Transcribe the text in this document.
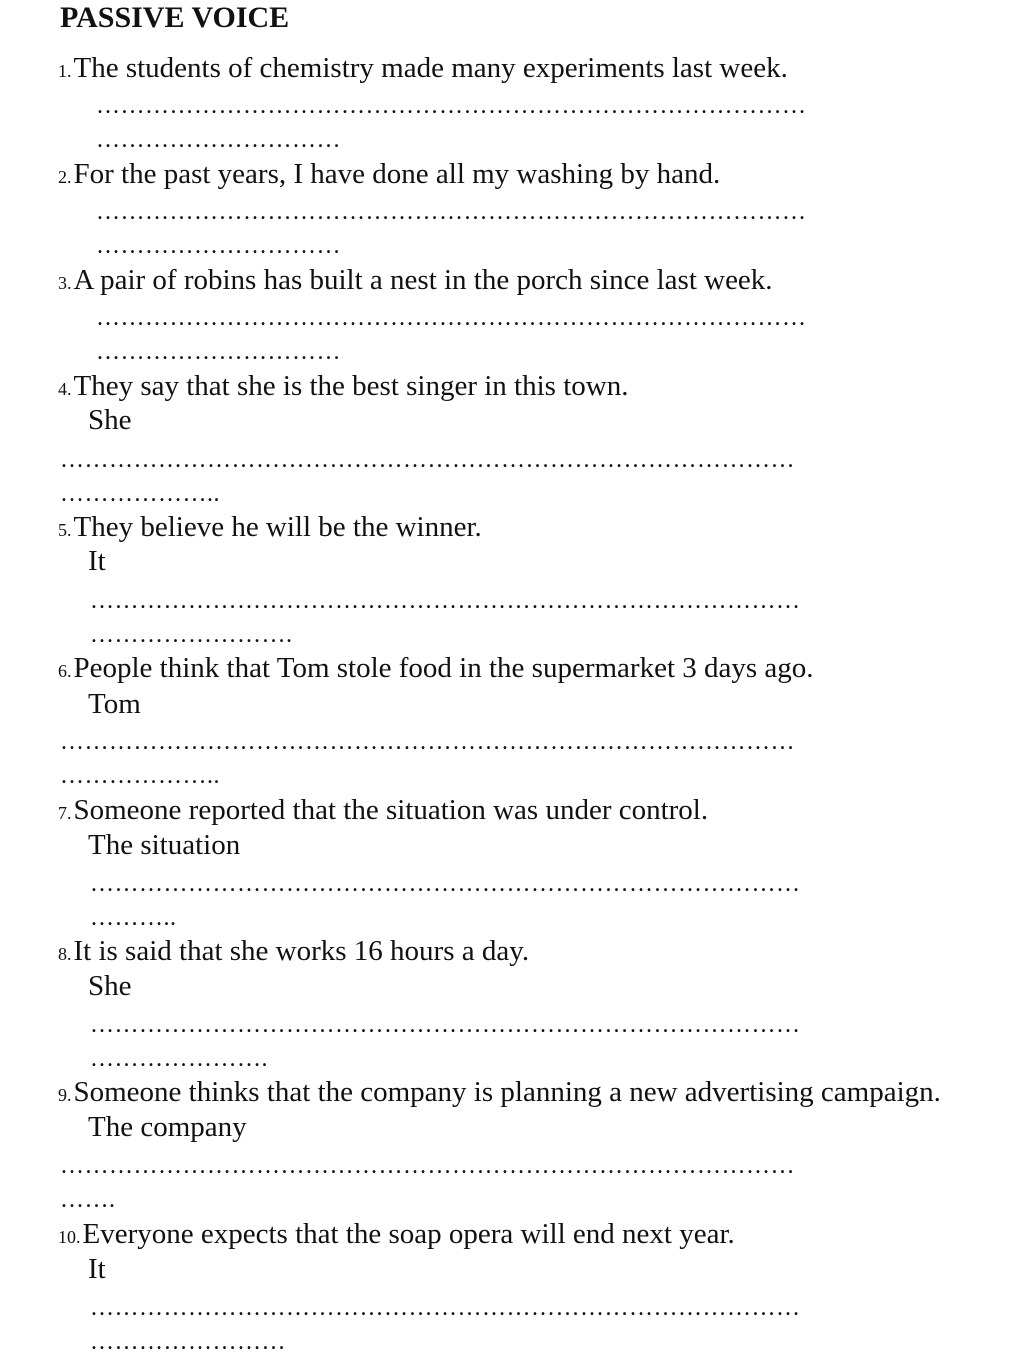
PASSIVE VOICE
1.The students of chemistry made many experiments last week.
……………………………………………………………………………
…………………………
2.For the past years, I have done all my washing by hand.
……………………………………………………………………………
…………………………
3.A pair of robins has built a nest in the porch since last week.
……………………………………………………………………………
…………………………
4.They say that she is the best singer in this town.
She
………………………………………………………………………………
………………..
5.They believe he will be the winner.
It
……………………………………………………………………………
…………………….
6.People think that Tom stole food in the supermarket 3 days ago.
Tom
………………………………………………………………………………
………………..
7.Someone reported that the situation was under control.
The situation
……………………………………………………………………………
………..
8.It is said that she works 16 hours a day.
She
……………………………………………………………………………
………………….
9.Someone thinks that the company is planning a new advertising campaign.
The company
………………………………………………………………………………
…….
10.Everyone expects that the soap opera will end next year.
It
……………………………………………………………………………
……………………
